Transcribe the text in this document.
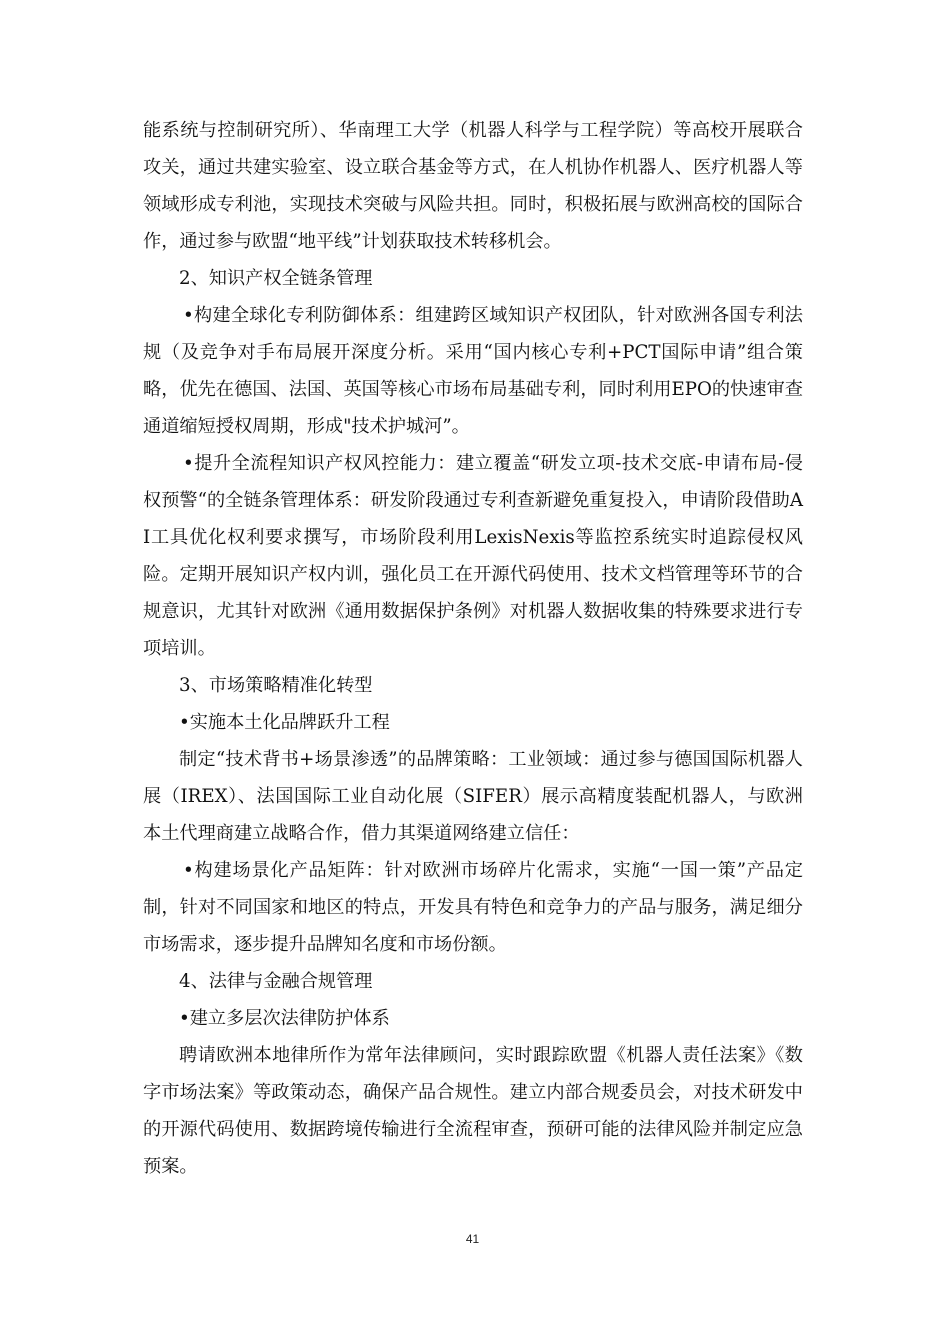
能系统与控制研究所）、华南理工大学（机器人科学与工程学院）等高校开展联合攻关，通过共建实验室、设立联合基金等方式，在人机协作机器人、医疗机器人等领域形成专利池，实现技术突破与风险共担。同时，积极拓展与欧洲高校的国际合作，通过参与欧盟“地平线”计划获取技术转移机会。

2、知识产权全链条管理

•构建全球化专利防御体系：组建跨区域知识产权团队，针对欧洲各国专利法规（及竞争对手布局展开深度分析。采用“国内核心专利+PCT国际申请”组合策略，优先在德国、法国、英国等核心市场布局基础专利，同时利用EPO的快速审查通道缩短授权周期，形成"技术护城河”。

•提升全流程知识产权风控能力：建立覆盖“研发立项-技术交底-申请布局-侵权预警“的全链条管理体系：研发阶段通过专利查新避免重复投入，申请阶段借助AI工具优化权利要求撰写，市场阶段利用LexisNexis等监控系统实时追踪侵权风险。定期开展知识产权内训，强化员工在开源代码使用、技术文档管理等环节的合规意识，尤其针对欧洲《通用数据保护条例》对机器人数据收集的特殊要求进行专项培训。

3、市场策略精准化转型

•实施本土化品牌跃升工程

制定“技术背书+场景渗透”的品牌策略：工业领域：通过参与德国国际机器人展（IREX）、法国国际工业自动化展（SIFER）展示高精度装配机器人，与欧洲本土代理商建立战略合作，借力其渠道网络建立信任：

•构建场景化产品矩阵：针对欧洲市场碎片化需求，实施“一国一策”产品定制，针对不同国家和地区的特点，开发具有特色和竞争力的产品与服务，满足细分市场需求，逐步提升品牌知名度和市场份额。

4、法律与金融合规管理

•建立多层次法律防护体系

聘请欧洲本地律所作为常年法律顾问，实时跟踪欧盟《机器人责任法案》《数字市场法案》等政策动态，确保产品合规性。建立内部合规委员会，对技术研发中的开源代码使用、数据跨境传输进行全流程审查，预研可能的法律风险并制定应急预案。

41
